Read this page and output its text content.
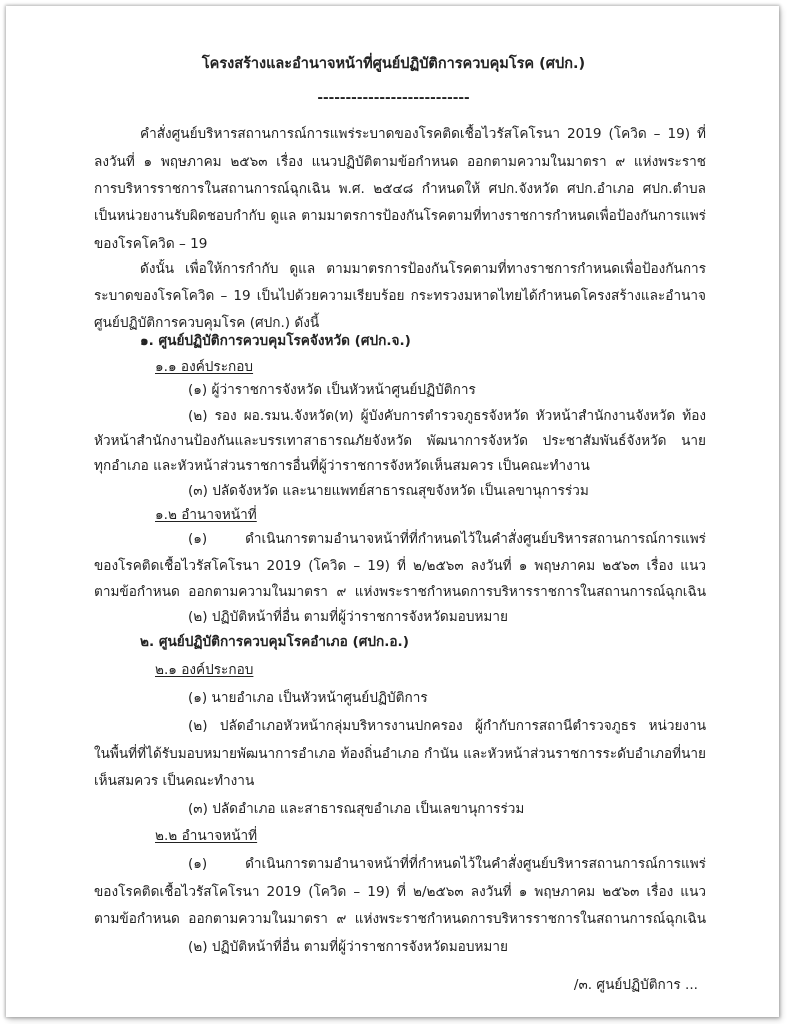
โครงสร้างและอำนาจหน้าที่ศูนย์ปฏิบัติการควบคุมโรค (ศปก.)
---------------------------
คำสั่งศูนย์บริหารสถานการณ์การแพร่ระบาดของโรคติดเชื้อไวรัสโคโรนา 2019 (โควิด – 19) ที่
ลงวันที่ ๑ พฤษภาคม ๒๕๖๓ เรื่อง แนวปฏิบัติตามข้อกำหนด ออกตามความในมาตรา ๙ แห่งพระราช
การบริหารราชการในสถานการณ์ฉุกเฉิน พ.ศ. ๒๕๔๘ กำหนดให้ ศปก.จังหวัด ศปก.อำเภอ ศปก.ตำบล
เป็นหน่วยงานรับผิดชอบกำกับ ดูแล ตามมาตรการป้องกันโรคตามที่ทางราชการกำหนดเพื่อป้องกันการแพร่
ของโรคโควิด – 19
ดังนั้น เพื่อให้การกำกับ ดูแล ตามมาตรการป้องกันโรคตามที่ทางราชการกำหนดเพื่อป้องกันการ
ระบาดของโรคโควิด – 19 เป็นไปด้วยความเรียบร้อย กระทรวงมหาดไทยได้กำหนดโครงสร้างและอำนาจ
ศูนย์ปฏิบัติการควบคุมโรค (ศปก.) ดังนี้
๑. ศูนย์ปฏิบัติการควบคุมโรคจังหวัด (ศปก.จ.)
๑.๑ องค์ประกอบ
(๑) ผู้ว่าราชการจังหวัด เป็นหัวหน้าศูนย์ปฏิบัติการ
(๒) รอง ผอ.รมน.จังหวัด(ท) ผู้บังคับการตำรวจภูธรจังหวัด หัวหน้าสำนักงานจังหวัด ท้อง
หัวหน้าสำนักงานป้องกันและบรรเทาสาธารณภัยจังหวัด พัฒนาการจังหวัด ประชาสัมพันธ์จังหวัด นาย
ทุกอำเภอ และหัวหน้าส่วนราชการอื่นที่ผู้ว่าราชการจังหวัดเห็นสมควร เป็นคณะทำงาน
(๓) ปลัดจังหวัด และนายแพทย์สาธารณสุขจังหวัด เป็นเลขานุการร่วม
๑.๒ อำนาจหน้าที่
(๑) ดำเนินการตามอำนาจหน้าที่ที่กำหนดไว้ในคำสั่งศูนย์บริหารสถานการณ์การแพร่
ของโรคติดเชื้อไวรัสโคโรนา 2019 (โควิด – 19) ที่ ๒/๒๕๖๓ ลงวันที่ ๑ พฤษภาคม ๒๕๖๓ เรื่อง แนว
ตามข้อกำหนด ออกตามความในมาตรา ๙ แห่งพระราชกำหนดการบริหารราชการในสถานการณ์ฉุกเฉิน
(๒) ปฏิบัติหน้าที่อื่น ตามที่ผู้ว่าราชการจังหวัดมอบหมาย
๒. ศูนย์ปฏิบัติการควบคุมโรคอำเภอ (ศปก.อ.)
๒.๑ องค์ประกอบ
(๑) นายอำเภอ เป็นหัวหน้าศูนย์ปฏิบัติการ
(๒) ปลัดอำเภอหัวหน้ากลุ่มบริหารงานปกครอง ผู้กำกับการสถานีตำรวจภูธร หน่วยงาน
ในพื้นที่ที่ได้รับมอบหมายพัฒนาการอำเภอ ท้องถิ่นอำเภอ กำนัน และหัวหน้าส่วนราชการระดับอำเภอที่นาย
เห็นสมควร เป็นคณะทำงาน
(๓) ปลัดอำเภอ และสาธารณสุขอำเภอ เป็นเลขานุการร่วม
๒.๒ อำนาจหน้าที่
(๑) ดำเนินการตามอำนาจหน้าที่ที่กำหนดไว้ในคำสั่งศูนย์บริหารสถานการณ์การแพร่
ของโรคติดเชื้อไวรัสโคโรนา 2019 (โควิด – 19) ที่ ๒/๒๕๖๓ ลงวันที่ ๑ พฤษภาคม ๒๕๖๓ เรื่อง แนว
ตามข้อกำหนด ออกตามความในมาตรา ๙ แห่งพระราชกำหนดการบริหารราชการในสถานการณ์ฉุกเฉิน
(๒) ปฏิบัติหน้าที่อื่น ตามที่ผู้ว่าราชการจังหวัดมอบหมาย
/๓. ศูนย์ปฏิบัติการ ...
